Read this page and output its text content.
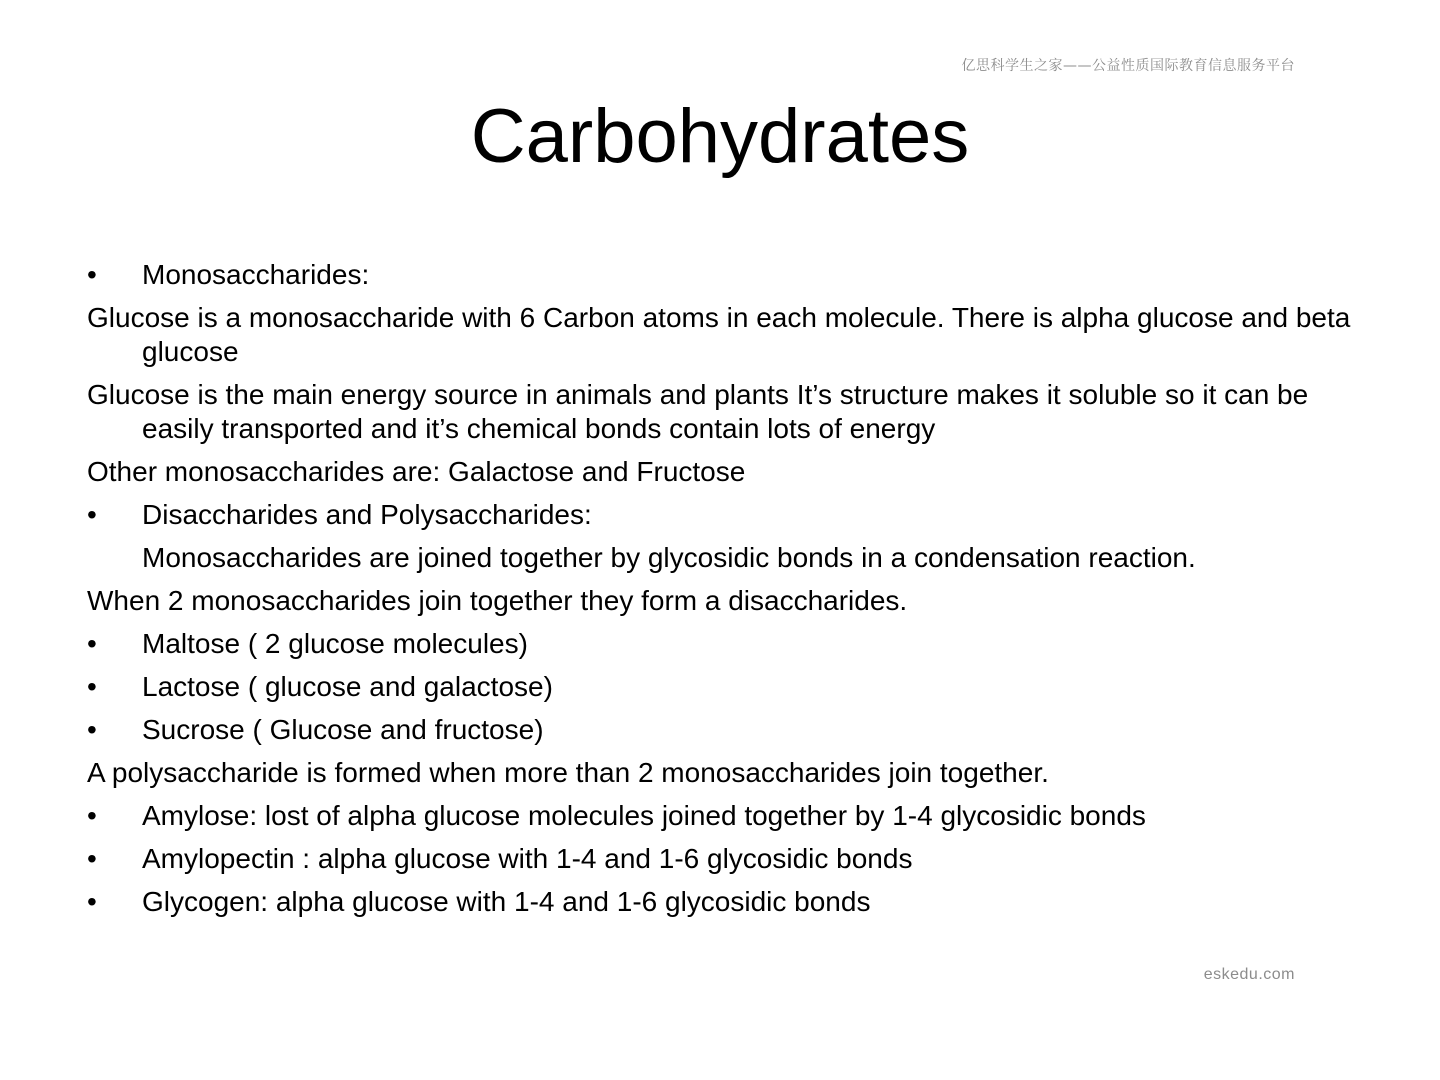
亿思科学生之家——公益性质国际教育信息服务平台
Carbohydrates
•	Monosaccharides:
Glucose is a monosaccharide with 6 Carbon atoms in each molecule. There is alpha glucose and beta glucose
Glucose is the main energy source in animals and plants It’s structure makes it soluble so it can be easily transported and it’s chemical bonds contain lots of energy
Other monosaccharides are: Galactose and Fructose
•	Disaccharides and Polysaccharides:
Monosaccharides are joined together by glycosidic bonds in a condensation reaction.
When 2 monosaccharides join together they form a disaccharides.
•	Maltose ( 2 glucose molecules)
•	Lactose ( glucose and galactose)
•	Sucrose ( Glucose and fructose)
A polysaccharide is formed when more than 2 monosaccharides join together.
•	Amylose: lost of alpha glucose molecules joined together by 1-4 glycosidic bonds
•	Amylopectin : alpha glucose with 1-4 and 1-6 glycosidic bonds
•	Glycogen: alpha glucose with 1-4 and 1-6 glycosidic bonds
eskedu.com
